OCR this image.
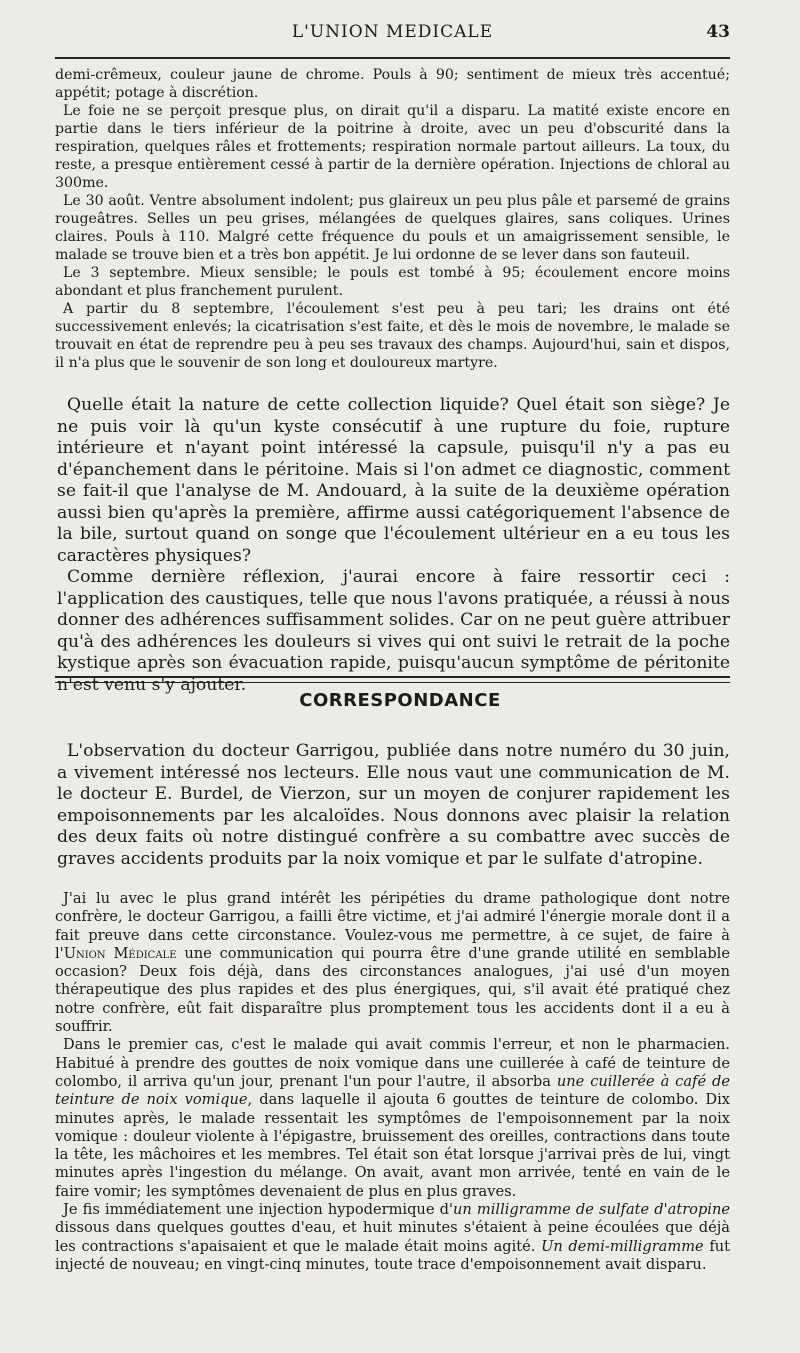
L'UNION MEDICALE	43

demi-crêmeux, couleur jaune de chrome. Pouls à 90; sentiment de mieux très accentué; appétit; potage à discrétion.

Le foie ne se perçoit presque plus, on dirait qu'il a disparu. La matité existe encore en partie dans le tiers inférieur de la poitrine à droite, avec un peu d'obscurité dans la respiration, quelques râles et frottements; respiration normale partout ailleurs. La toux, du reste, a presque entièrement cessé à partir de la dernière opération. Injections de chloral au 300me.

Le 30 août. Ventre absolument indolent; pus glaireux un peu plus pâle et parsemé de grains rougeâtres. Selles un peu grises, mélangées de quelques glaires, sans coliques. Urines claires. Pouls à 110. Malgré cette fréquence du pouls et un amaigrissement sensible, le malade se trouve bien et a très bon appétit. Je lui ordonne de se lever dans son fauteuil.

Le 3 septembre. Mieux sensible; le pouls est tombé à 95; écoulement encore moins abondant et plus franchement purulent.

A partir du 8 septembre, l'écoulement s'est peu à peu tari; les drains ont été successivement enlevés; la cicatrisation s'est faite, et dès le mois de novembre, le malade se trouvait en état de reprendre peu à peu ses travaux des champs. Aujourd'hui, sain et dispos, il n'a plus que le souvenir de son long et douloureux martyre.

Quelle était la nature de cette collection liquide? Quel était son siège? Je ne puis voir là qu'un kyste consécutif à une rupture du foie, rupture intérieure et n'ayant point intéressé la capsule, puisqu'il n'y a pas eu d'épanchement dans le péritoine. Mais si l'on admet ce diagnostic, comment se fait-il que l'analyse de M. Andouard, à la suite de la deuxième opération aussi bien qu'après la première, affirme aussi catégoriquement l'absence de la bile, surtout quand on songe que l'écoulement ultérieur en a eu tous les caractères physiques?

Comme dernière réflexion, j'aurai encore à faire ressortir ceci : l'application des caustiques, telle que nous l'avons pratiquée, a réussi à nous donner des adhérences suffisamment solides. Car on ne peut guère attribuer qu'à des adhérences les douleurs si vives qui ont suivi le retrait de la poche kystique après son évacuation rapide, puisqu'aucun symptôme de péritonite n'est venu s'y ajouter.

CORRESPONDANCE

L'observation du docteur Garrigou, publiée dans notre numéro du 30 juin, a vivement intéressé nos lecteurs. Elle nous vaut une communication de M. le docteur E. Burdel, de Vierzon, sur un moyen de conjurer rapidement les empoisonnements par les alcaloïdes. Nous donnons avec plaisir la relation des deux faits où notre distingué confrère a su combattre avec succès de graves accidents produits par la noix vomique et par le sulfate d'atropine.

J'ai lu avec le plus grand intérêt les péripéties du drame pathologique dont notre confrère, le docteur Garrigou, a failli être victime, et j'ai admiré l'énergie morale dont il a fait preuve dans cette circonstance. Voulez-vous me permettre, à ce sujet, de faire à l'Union Médicale une communication qui pourra être d'une grande utilité en semblable occasion? Deux fois déjà, dans des circonstances analogues, j'ai usé d'un moyen thérapeutique des plus rapides et des plus énergiques, qui, s'il avait été pratiqué chez notre confrère, eût fait disparaître plus promptement tous les accidents dont il a eu à souffrir.

Dans le premier cas, c'est le malade qui avait commis l'erreur, et non le pharmacien. Habitué à prendre des gouttes de noix vomique dans une cuillerée à café de teinture de colombo, il arriva qu'un jour, prenant l'un pour l'autre, il absorba une cuillerée à café de teinture de noix vomique, dans laquelle il ajouta 6 gouttes de teinture de colombo. Dix minutes après, le malade ressentait les symptômes de l'empoisonnement par la noix vomique : douleur violente à l'épigastre, bruissement des oreilles, contractions dans toute la tête, les mâchoires et les membres. Tel était son état lorsque j'arrivai près de lui, vingt minutes après l'ingestion du mélange. On avait, avant mon arrivée, tenté en vain de le faire vomir; les symptômes devenaient de plus en plus graves.

Je fis immédiatement une injection hypodermique d'un milligramme de sulfate d'atropine dissous dans quelques gouttes d'eau, et huit minutes s'étaient à peine écoulées que déjà les contractions s'apaisaient et que le malade était moins agité. Un demi-milligramme fut injecté de nouveau; en vingt-cinq minutes, toute trace d'empoisonnement avait disparu.
